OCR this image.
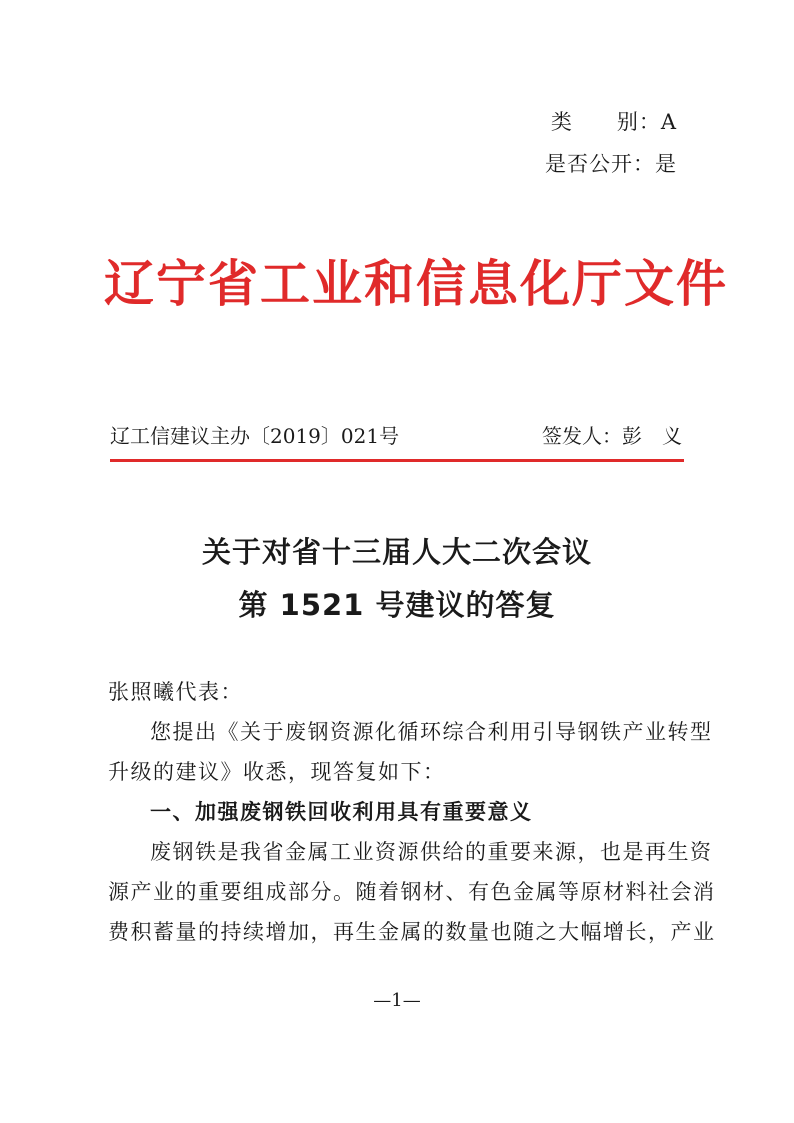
类　　别：A
是否公开：是
辽宁省工业和信息化厅文件
辽工信建议主办〔2019〕021号	签发人：彭　义
关于对省十三届人大二次会议
第 1521 号建议的答复
张照曦代表：
您提出《关于废钢资源化循环综合利用引导钢铁产业转型
升级的建议》收悉，现答复如下：
一、加强废钢铁回收利用具有重要意义
废钢铁是我省金属工业资源供给的重要来源，也是再生资
源产业的重要组成部分。随着钢材、有色金属等原材料社会消
费积蓄量的持续增加，再生金属的数量也随之大幅增长，产业
—1—
